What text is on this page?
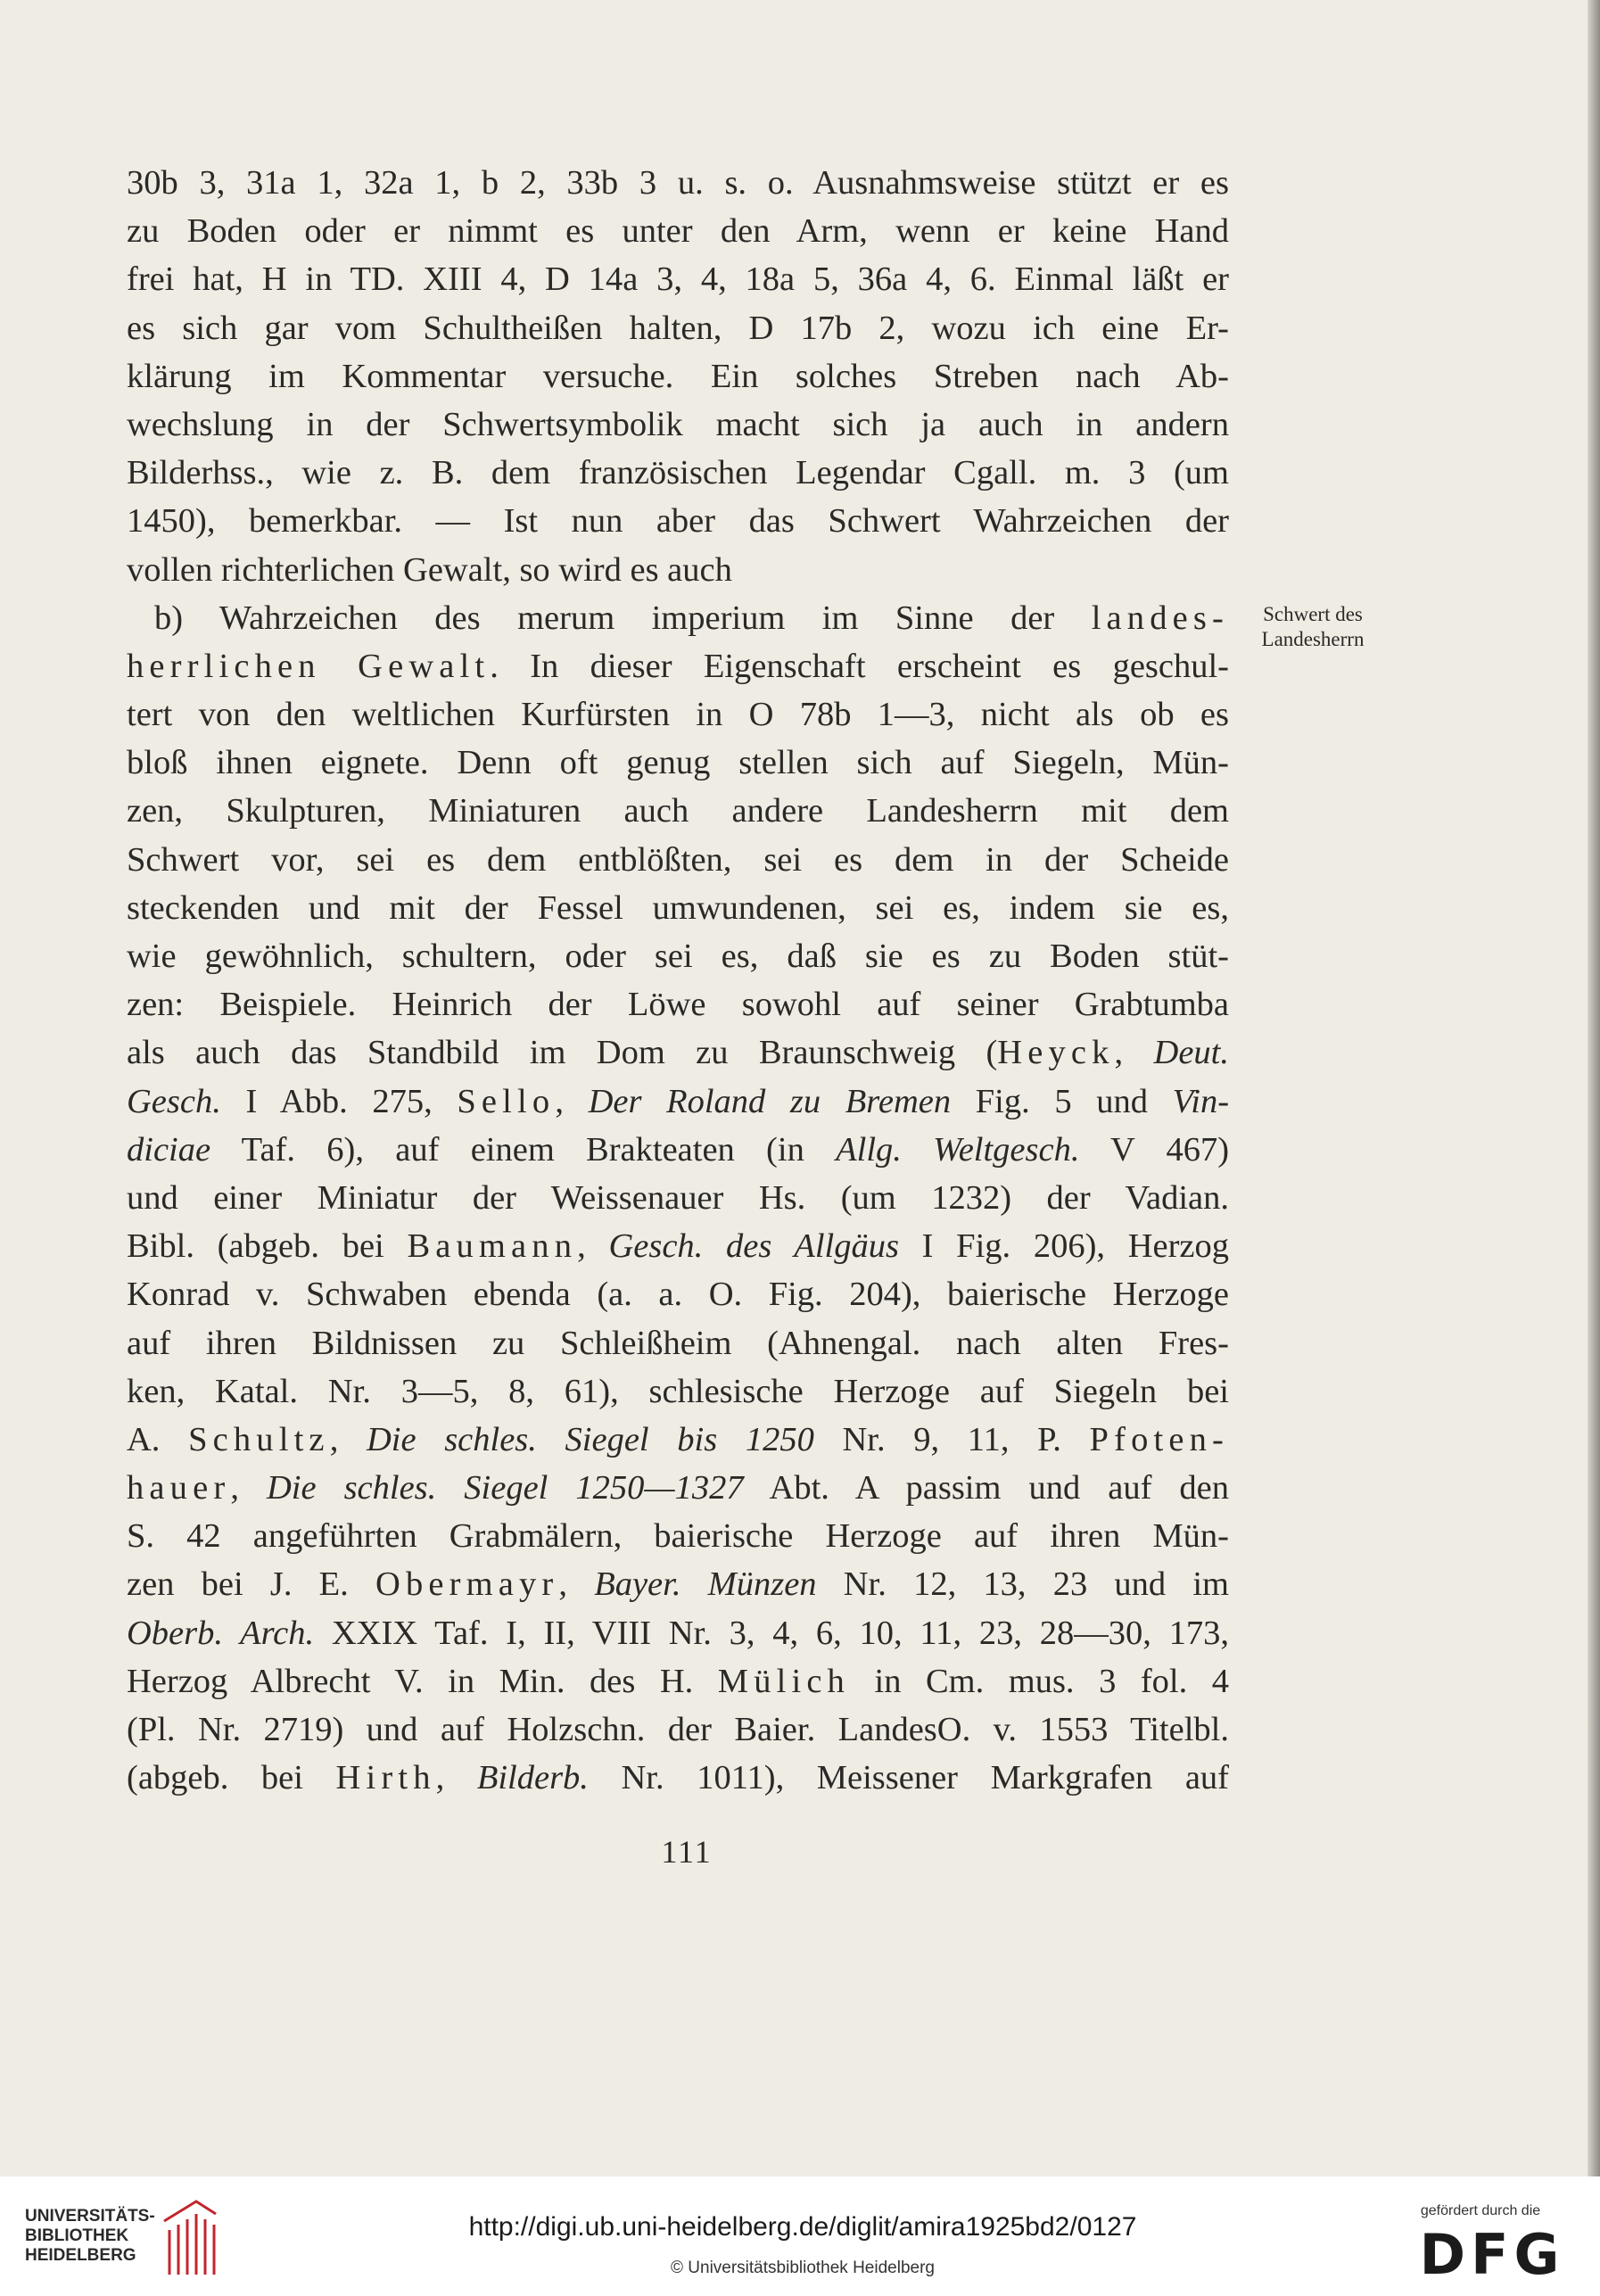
30b 3, 31a 1, 32a 1, b 2, 33b 3 u. s. o. Ausnahmsweise stützt er es
zu Boden oder er nimmt es unter den Arm, wenn er keine Hand
frei hat, H in TD. XIII 4, D 14a 3, 4, 18a 5, 36a 4, 6. Einmal läßt er
es sich gar vom Schultheißen halten, D 17b 2, wozu ich eine Er-
klärung im Kommentar versuche. Ein solches Streben nach Ab-
wechslung in der Schwertsymbolik macht sich ja auch in andern
Bilderhss., wie z. B. dem französischen Legendar Cgall. m. 3 (um
1450), bemerkbar. — Ist nun aber das Schwert Wahrzeichen der
vollen richterlichen Gewalt, so wird es auch
b) Wahrzeichen des merum imperium im Sinne der landes-
herrlichen Gewalt. In dieser Eigenschaft erscheint es geschul-
tert von den weltlichen Kurfürsten in O 78b 1—3, nicht als ob es
bloß ihnen eignete. Denn oft genug stellen sich auf Siegeln, Mün-
zen, Skulpturen, Miniaturen auch andere Landesherrn mit dem
Schwert vor, sei es dem entblößten, sei es dem in der Scheide
steckenden und mit der Fessel umwundenen, sei es, indem sie es,
wie gewöhnlich, schultern, oder sei es, daß sie es zu Boden stüt-
zen: Beispiele. Heinrich der Löwe sowohl auf seiner Grabtumba
als auch das Standbild im Dom zu Braunschweig (Heyck, Deut.
Gesch. I Abb. 275, Sello, Der Roland zu Bremen Fig. 5 und Vin-
diciae Taf. 6), auf einem Brakteaten (in Allg. Weltgesch. V 467)
und einer Miniatur der Weissenauer Hs. (um 1232) der Vadian.
Bibl. (abgeb. bei Baumann, Gesch. des Allgäus I Fig. 206), Herzog
Konrad v. Schwaben ebenda (a. a. O. Fig. 204), baierische Herzoge
auf ihren Bildnissen zu Schleißheim (Ahnengal. nach alten Fres-
ken, Katal. Nr. 3—5, 8, 61), schlesische Herzoge auf Siegeln bei
A. Schultz, Die schles. Siegel bis 1250 Nr. 9, 11, P. Pfoten-
hauer, Die schles. Siegel 1250—1327 Abt. A passim und auf den
S. 42 angeführten Grabmälern, baierische Herzoge auf ihren Mün-
zen bei J. E. Obermayr, Bayer. Münzen Nr. 12, 13, 23 und im
Oberb. Arch. XXIX Taf. I, II, VIII Nr. 3, 4, 6, 10, 11, 23, 28—30, 173,
Herzog Albrecht V. in Min. des H. Mülich in Cm. mus. 3 fol. 4
(Pl. Nr. 2719) und auf Holzschn. der Baier. LandesO. v. 1553 Titelbl.
(abgeb. bei Hirth, Bilderb. Nr. 1011), Meissener Markgrafen auf
Schwert des
Landesherrn
111
UNIVERSITÄTS-
BIBLIOTHEK
HEIDELBERG
http://digi.ub.uni-heidelberg.de/diglit/amira1925bd2/0127
© Universitätsbibliothek Heidelberg
gefördert durch die
DFG
